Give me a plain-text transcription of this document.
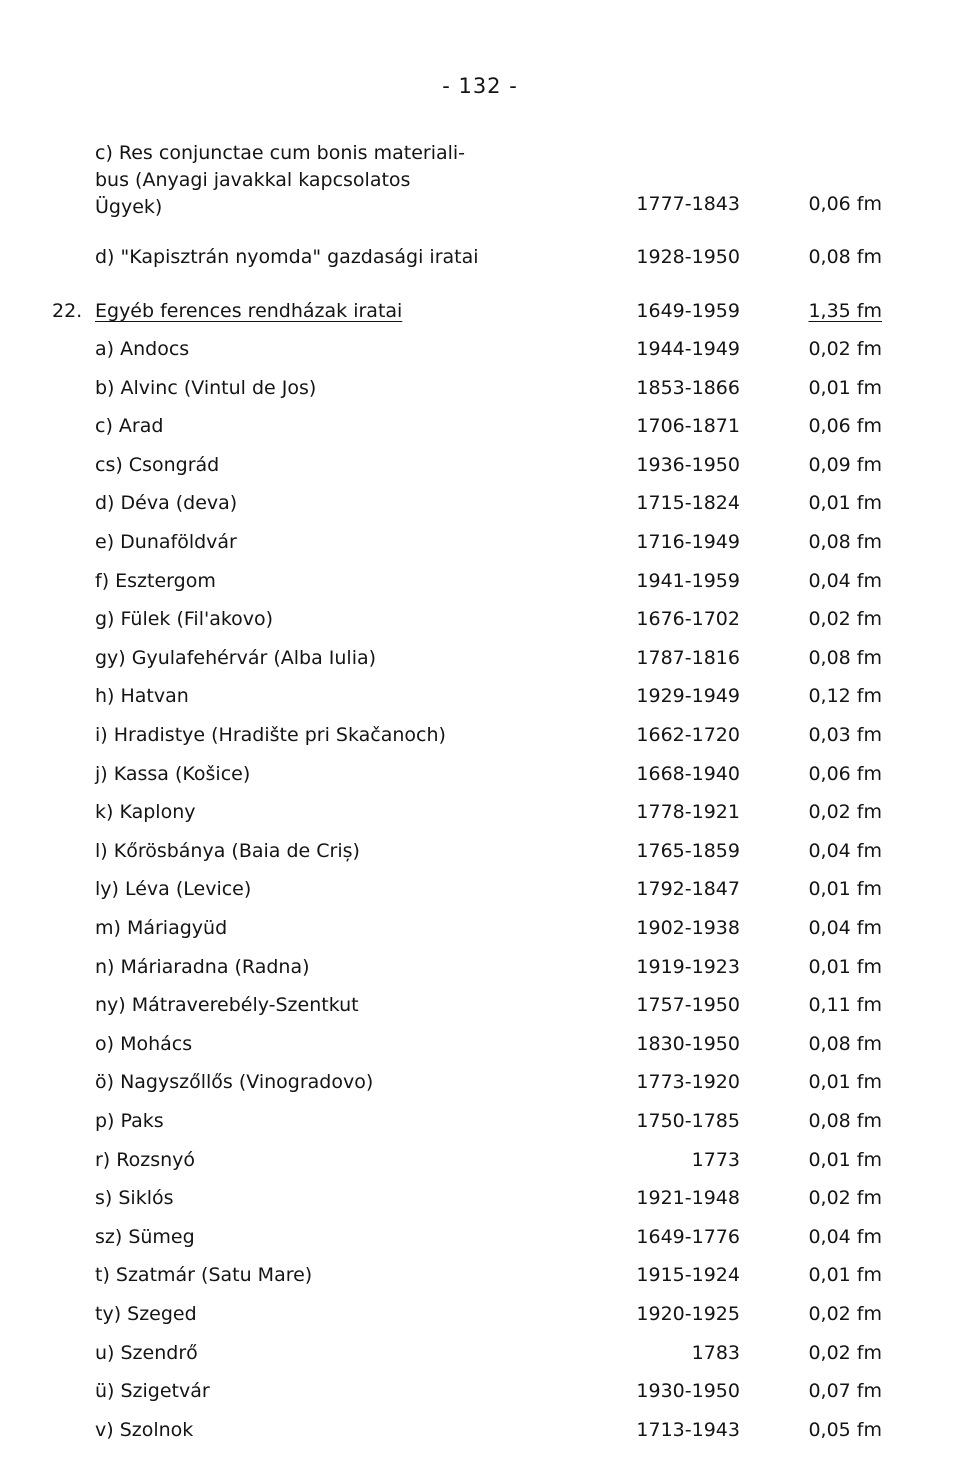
- 132 -
c) Res conjunctae cum bonis materiali-
bus (Anyagi javakkal kapcsolatos
Ügyek)	1777-1843	0,06 fm
d) "Kapisztrán nyomda" gazdasági iratai	1928-1950	0,08 fm
22. Egyéb ferences rendházak iratai	1649-1959	1,35 fm
a) Andocs	1944-1949	0,02 fm
b) Alvinc (Vintul de Jos)	1853-1866	0,01 fm
c) Arad	1706-1871	0,06 fm
cs) Csongrád	1936-1950	0,09 fm
d) Déva (deva)	1715-1824	0,01 fm
e) Dunaföldvár	1716-1949	0,08 fm
f) Esztergom	1941-1959	0,04 fm
g) Fülek (Fil'akovo)	1676-1702	0,02 fm
gy) Gyulafehérvár (Alba Iulia)	1787-1816	0,08 fm
h) Hatvan	1929-1949	0,12 fm
i) Hradistye (Hradište pri Skačanoch)	1662-1720	0,03 fm
j) Kassa (Košice)	1668-1940	0,06 fm
k) Kaplony	1778-1921	0,02 fm
l) Kőrösbánya (Baia de Criș)	1765-1859	0,04 fm
ly) Léva (Levice)	1792-1847	0,01 fm
m) Máriagyüd	1902-1938	0,04 fm
n) Máriaradna (Radna)	1919-1923	0,01 fm
ny) Mátraverebély-Szentkut	1757-1950	0,11 fm
o) Mohács	1830-1950	0,08 fm
ö) Nagyszőllős (Vinogradovo)	1773-1920	0,01 fm
p) Paks	1750-1785	0,08 fm
r) Rozsnyó	1773	0,01 fm
s) Siklós	1921-1948	0,02 fm
sz) Sümeg	1649-1776	0,04 fm
t) Szatmár (Satu Mare)	1915-1924	0,01 fm
ty) Szeged	1920-1925	0,02 fm
u) Szendrő	1783	0,02 fm
ü) Szigetvár	1930-1950	0,07 fm
v) Szolnok	1713-1943	0,05 fm
